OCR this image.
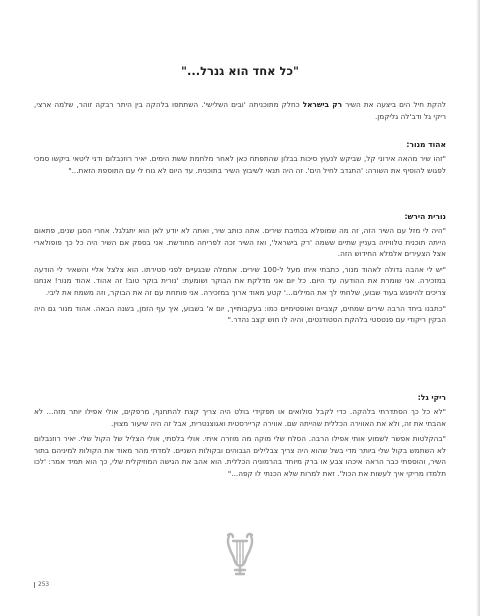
"כל אחד הוא גנרל..."
להקת חיל הים ביצעה את השיר רק בישראל כחלק מתוכניתה 'ובים השלישי'. השתתפו בלהקה בין היתר רבקה זוהר, שלמה ארצי, ריקי גל ודב'לה גליקמן.
אהוד מנור:

"זהו שיר מהאה אירוני קל, שביקש לנעוץ סיכות בבלון שהתפתח כאן לאחר מלחמת ששת הימים. יאיר רוזנבלום ודני ליטאי ביקשו סמכי לפגוש להוסיף את השורה: 'התגדב לחיל הים'. זה היה תנאי לשיבוץ השיר בתוכנית. עד היום לא נוח לי עם התוספת הזאת..."

נורית הירש:

"היה לי מזל עם השיר הזה, זה מה שמופלא בכתיבת שירים. אתה כותב שיר, ואתה לא יודע לאן הוא יתגלגל. אחרי הסגן שנים, פתאום הייתה תוכנית טלוויזיה בעניין שתיים ששמה 'רק בישראל', ואז השיר זכה לפריחה מחודשת. אני בספק אם השיר היה כל כך פופולארי אצל הצעירים אלמלא החידוש הזה.

"יש לי אהבה גדולה לאהוד מנור, כתבתי איתו מעל ל-100 שירים. אתמלה שבגעיים לפני סטירתו. הוא צלצל אליי והשאיר לי הודעה במזכירה. אני שומרת את ההודעה עד היום. כל יום אני מדלקת את הבוקר ושומעת: 'נורית בוקר טוב! זה אהוד. אהוד מנור! אנחנו צריכים להיפגש בעוד שבוע, שלחתי לך את המילים...' קטע מאוד ארוך במזכירה. אני פותחת עם זה את הבוקר, וזה משמח את ליבי.

"כתבנו ביחד הרבה שירים שמחים, קצביים ואופטימיים כמו: בעקבותייך, יום א' בשבוע, איך עף הזמן, בשנה הבאה. אהוד מנור גם היה הבקין ריקודי עם פנטסטי בלהקת הסטודנטים, והיה לו חוש קצב נהדר."

ריקי גל:

"לא כל כך הסתדרתי בלהקה. כדי לקבל סולואים או תפקידי בולט היה צריך קצת להתחנף, מרפקים, אולי אפילו יותר מזה... לא אהבתי את זה, ולא את האווירה הכללית שהייתה שם. אווירה קריירסטית ואגוצנטרית, אבל זה היה שיעור מצוין.

"בהקלטות אפשר לשמוע אותי אפילו הרבה. הסלח שלי מוקה מה מוזרה איתי. אולי בלסתי, אולי הצליל של הקול שלי. יאיר רוזנבלום לא השתמש בקול שלי ביותר מדי בשל שהוא היה צריך צבלילים הגבוהים ובקולות השניים. למדתי מהר מאוד את הקולות למיניהם בתור השיר, והוספתי כבר הראה איכהו צבע או ברק מיוחד בהרמוניה הכללית. הוא אהב את הגישה המוזיקלית שלי, כך הוא תמיד אמר: 'לכו תלמדו מריקי איך לעשות את הכול'. זאת למרות שלא הכנתי לו קפה..."

253
